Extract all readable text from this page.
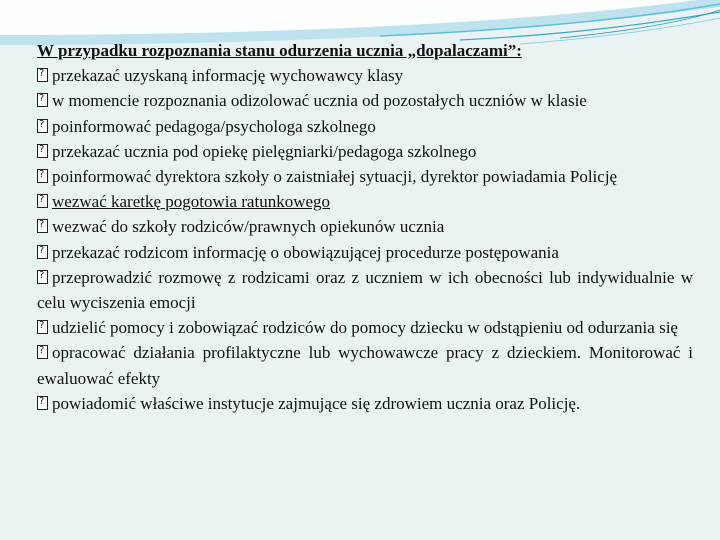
W przypadku rozpoznania stanu odurzenia ucznia „dopalaczami”:
?przekazać uzyskaną informację wychowawcy klasy
?w momencie rozpoznania odizolować ucznia od pozostałych uczniów w klasie
?poinformować pedagoga/psychologa szkolnego
?przekazać ucznia pod opiekę pielęgniarki/pedagoga szkolnego
?poinformować dyrektora szkoły o zaistniałej sytuacji, dyrektor powiadamia Policję
?wezwać karetkę pogotowia ratunkowego
?wezwać do szkoły rodziców/prawnych opiekunów ucznia
?przekazać rodzicom informację o obowiązującej procedurze postępowania
?przeprowadzić rozmowę z rodzicami oraz z uczniem w ich obecności lub indywidualnie w celu wyciszenia emocji
?udzielić pomocy i zobowiązać rodziców do pomocy dziecku w odstąpieniu od odurzania się
?opracować działania profilaktyczne lub wychowawcze pracy z dzieckiem. Monitorować i ewaluować efekty
?powiadomić właściwe instytucje zajmujące się zdrowiem ucznia oraz Policję.
